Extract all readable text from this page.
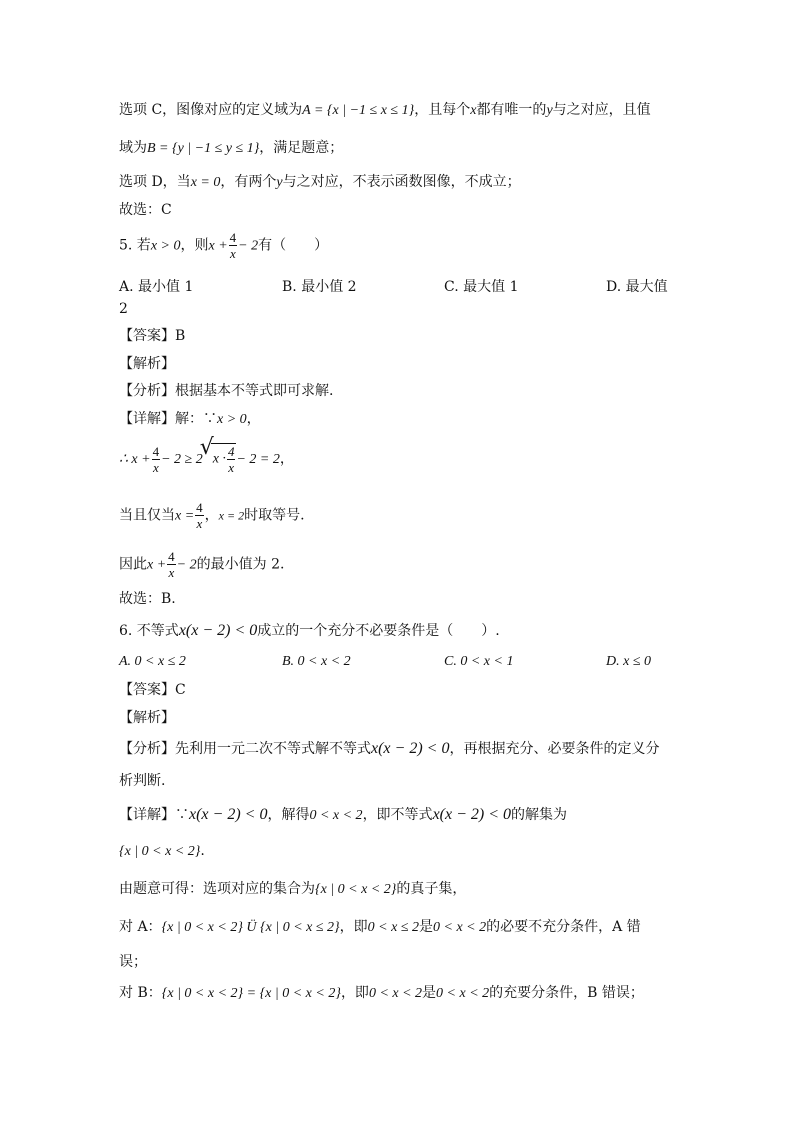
选项 C，图像对应的定义域为A = {x | −1 ≤ x ≤ 1}，且每个x都有唯一的y与之对应，且值
域为B = {y | −1 ≤ y ≤ 1}，满足题意；
选项 D，当x = 0，有两个y与之对应，不表示函数图像，不成立；
故选：C
5. 若x > 0，则$x + \frac{4}{x} - 2$有（　　）
A. 最小值 1	B. 最小值 2	C. 最大值 1	D. 最大值
2
【答案】B
【解析】
【分析】根据基本不等式即可求解.
【详解】解：∵x > 0，
∴ $x + \frac{4}{x} - 2 \ge 2√$ $x \cdot \frac{4}{x} - 2 = 2$，
当且仅当$x = \frac{4}{x}$ ，x = 2时取等号.
因此$x + \frac{4}{x} - 2$的最小值为 2.
故选：B.
6. 不等式x(x − 2) < 0成立的一个充分不必要条件是（　　）.
A. 0 < x ≤ 2	B. 0 < x < 2	C. 0 < x < 1	D. x ≤ 0
【答案】C
【解析】
【分析】先利用一元二次不等式解不等式x(x − 2) < 0，再根据充分、必要条件的定义分
析判断.
【详解】∵x(x − 2) < 0，解得0 < x < 2，即不等式x(x − 2) < 0的解集为
{x | 0 < x < 2}.
由题意可得：选项对应的集合为{x | 0 < x < 2}的真子集，
对 A：{x | 0 < x < 2} Ü {x | 0 < x ≤ 2}，即0 < x ≤ 2是0 < x < 2的必要不充分条件，A 错
误；
对 B：{x | 0 < x < 2} = {x | 0 < x < 2}，即0 < x < 2是0 < x < 2的充要分条件，B 错误；
